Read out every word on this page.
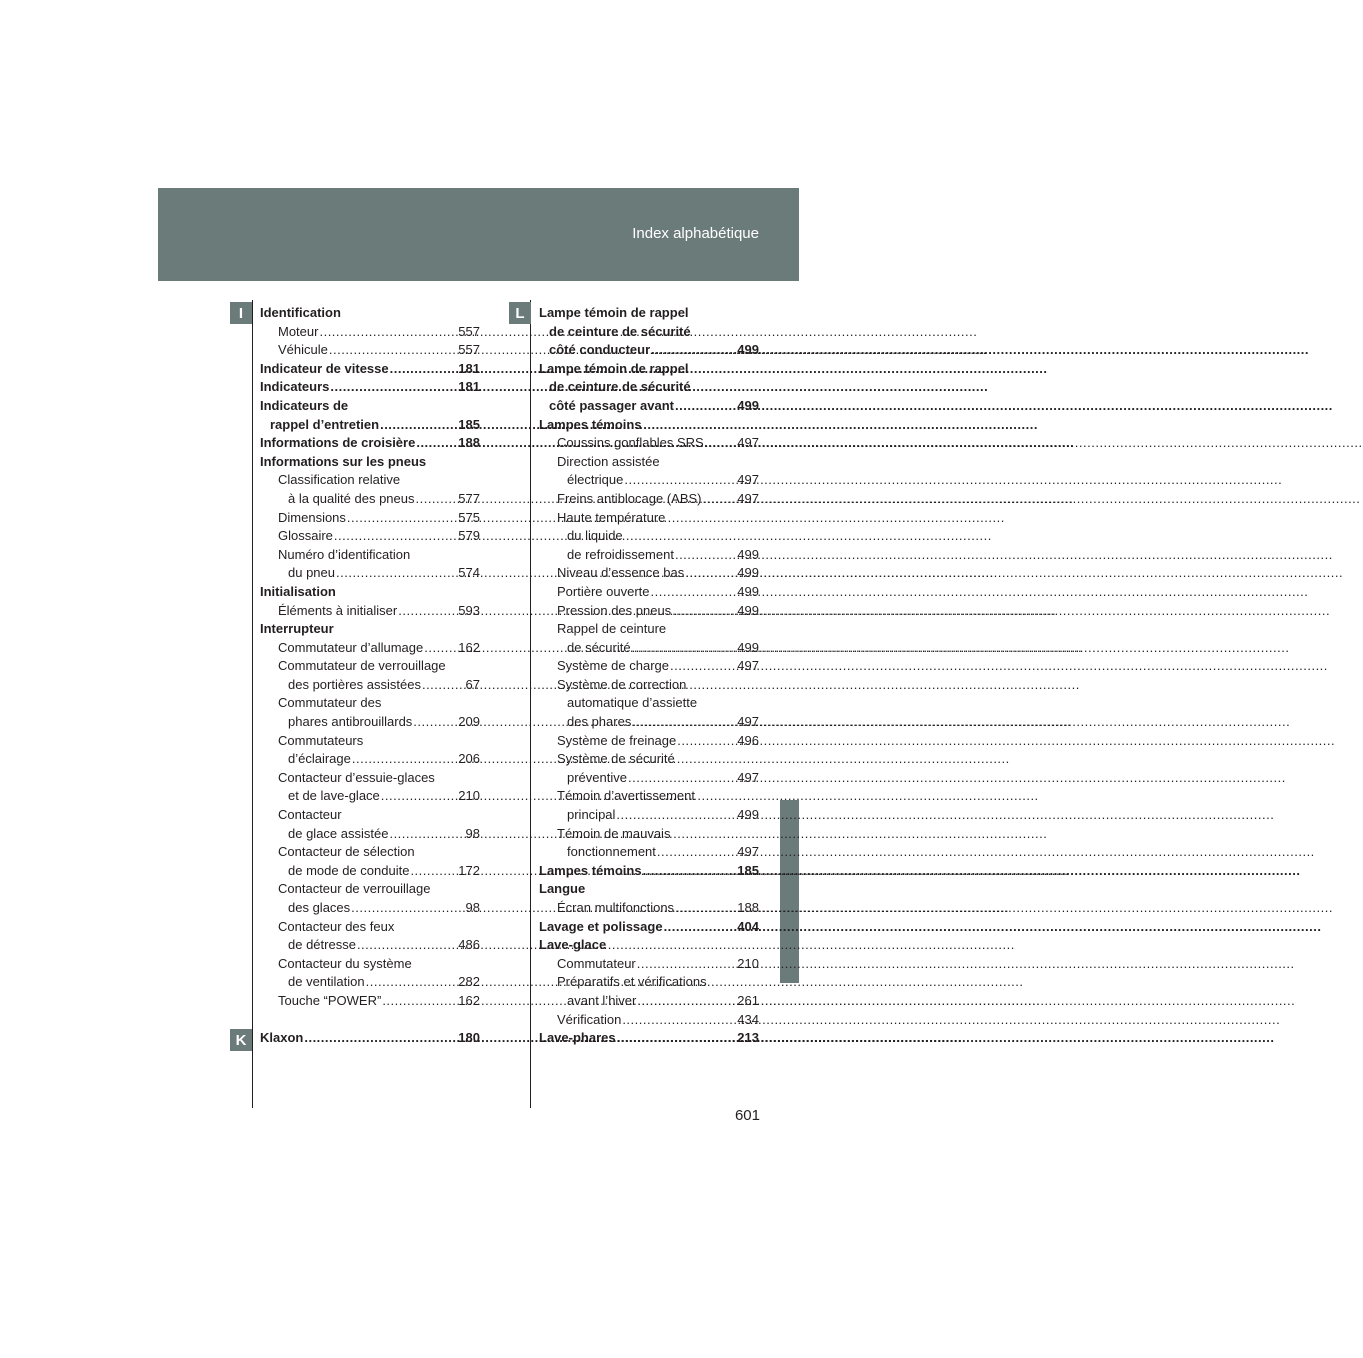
Index alphabétique
I
K
L
Identification
Moteur .....	557
Véhicule .....	557
Indicateur de vitesse .....	181
Indicateurs .....	181
Indicateurs de
rappel d’entretien .....	185
Informations de croisière .....	188
Informations sur les pneus
Classification relative
à la qualité des pneus .....	577
Dimensions .....	575
Glossaire .....	579
Numéro d’identification
du pneu .....	574
Initialisation
Éléments à initialiser .....	593
Interrupteur
Commutateur d’allumage .....	162
Commutateur de verrouillage
des portières assistées .....	67
Commutateur des
phares antibrouillards .....	209
Commutateurs
d’éclairage .....	206
Contacteur d’essuie-glaces
et de lave-glace .....	210
Contacteur
de glace assistée .....	98
Contacteur de sélection
de mode de conduite .....	172
Contacteur de verrouillage
des glaces .....	98
Contacteur des feux
de détresse .....	486
Contacteur du système
de ventilation .....	282
Touche “POWER” .....	162
Klaxon .....	180
Lampe témoin de rappel
de ceinture de sécurité
côté conducteur .....	499
Lampe témoin de rappel
de ceinture de sécurité
côté passager avant .....	499
Lampes témoins
Coussins gonflables SRS .....	497
Direction assistée
électrique .....	497
Freins antiblocage (ABS) .....	497
Haute température
du liquide
de refroidissement .....	499
Niveau d’essence bas .....	499
Portière ouverte .....	499
Pression des pneus .....	499
Rappel de ceinture
de sécurité .....	499
Système de charge .....	497
Système de correction
automatique d’assiette
des phares .....	497
Système de freinage .....	496
Système de sécurité
préventive .....	497
Témoin d’avertissement
principal .....	499
Témoin de mauvais
fonctionnement .....	497
Lampes témoins .....	185
Langue
Écran multifonctions .....	188
Lavage et polissage .....	404
Lave-glace
Commutateur .....	210
Préparatifs et vérifications
avant l’hiver .....	261
Vérification .....	434
Lave-phares .....	213
601
